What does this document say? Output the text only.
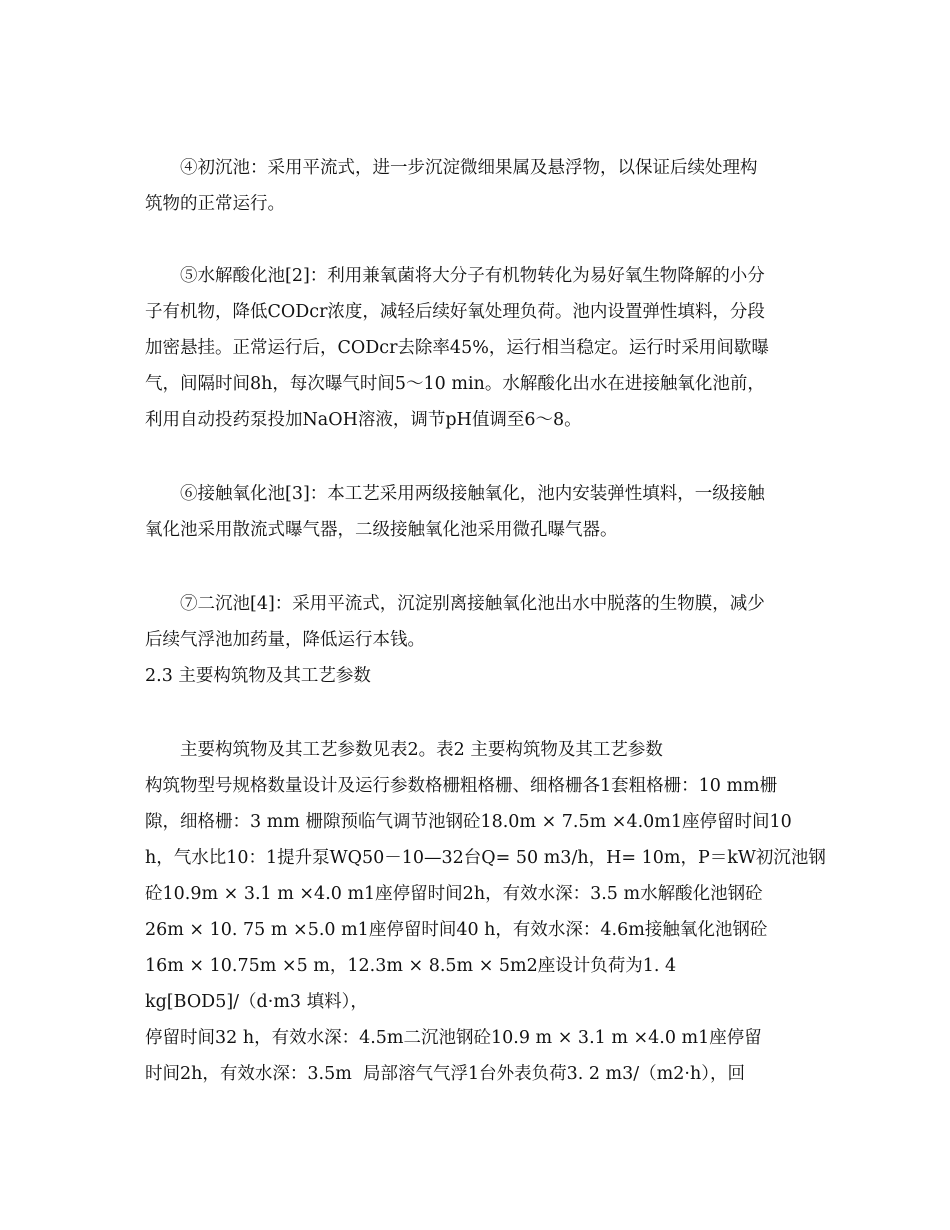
④初沉池：采用平流式，进一步沉淀微细果属及悬浮物，以保证后续处理构
筑物的正常运行。
⑤水解酸化池[2]：利用兼氧菌将大分子有机物转化为易好氧生物降解的小分
子有机物，降低CODcr浓度，减轻后续好氧处理负荷。池内设置弹性填料，分段
加密悬挂。正常运行后，CODcr去除率45%，运行相当稳定。运行时采用间歇曝
气，间隔时间8h，每次曝气时间5～10 min。水解酸化出水在进接触氧化池前，
利用自动投药泵投加NaOH溶液，调节pH值调至6～8。
⑥接触氧化池[3]：本工艺采用两级接触氧化，池内安装弹性填料，一级接触
氧化池采用散流式曝气器，二级接触氧化池采用微孔曝气器。
⑦二沉池[4]：采用平流式，沉淀别离接触氧化池出水中脱落的生物膜，减少
后续气浮池加药量，降低运行本钱。
2.3 主要构筑物及其工艺参数
主要构筑物及其工艺参数见表2。表2 主要构筑物及其工艺参数
构筑物型号规格数量设计及运行参数格栅粗格栅、细格栅各1套粗格栅：10 mm栅
隙，细格栅：3 mm 栅隙预临气调节池钢砼18.0m × 7.5m ×4.0m1座停留时间10
h，气水比10：1提升泵WQ50－10—32台Q= 50 m3/h，H= 10m，P＝kW初沉池钢
砼10.9m × 3.1 m ×4.0 m1座停留时间2h，有效水深：3.5 m水解酸化池钢砼
26m × 10. 75 m ×5.0 m1座停留时间40 h，有效水深：4.6m接触氧化池钢砼
16m × 10.75m ×5 m，12.3m × 8.5m × 5m2座设计负荷为1. 4
kg[BOD5]/（d·m3 填料），
停留时间32 h，有效水深：4.5m二沉池钢砼10.9 m × 3.1 m ×4.0 m1座停留
时间2h，有效水深：3.5m  局部溶气气浮1台外表负荷3. 2 m3/（m2·h），回
